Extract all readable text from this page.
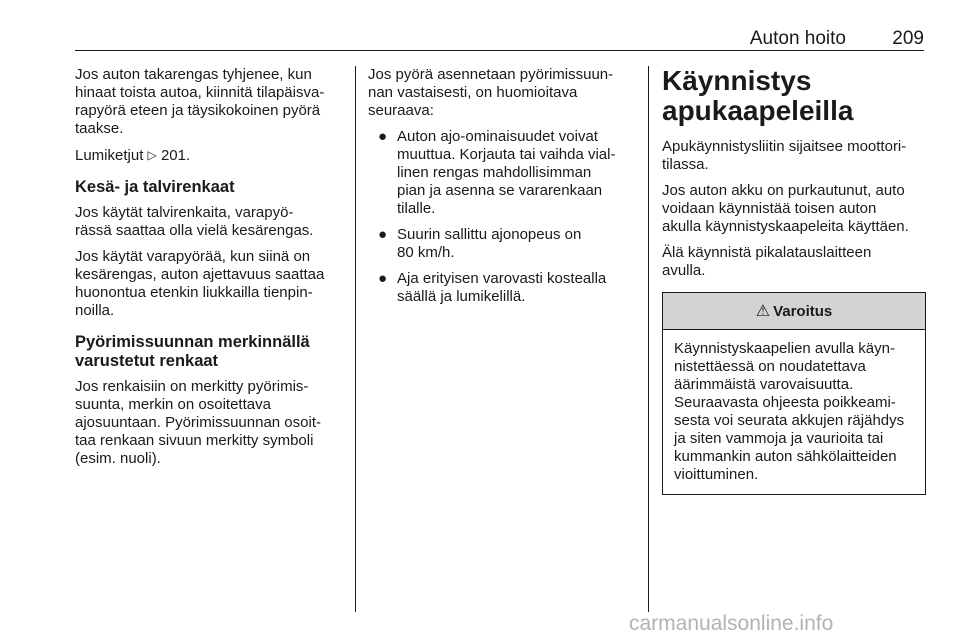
Auton hoito 209

Jos auton takarengas tyhjenee, kun
hinaat toista autoa, kiinnitä tilapäisva-
rapyörä eteen ja täysikokoinen pyörä
taakse.

Lumiketjut ▷ 201.

Kesä- ja talvirenkaat

Jos käytät talvirenkaita, varapyö-
rässä saattaa olla vielä kesärengas.

Jos käytät varapyörää, kun siinä on
kesärengas, auton ajettavuus saattaa
huonontua etenkin liukkailla tienpin-
noilla.

Pyörimissuunnan merkinnällä
varustetut renkaat

Jos renkaisiin on merkitty pyörimis-
suunta, merkin on osoitettava
ajosuuntaan. Pyörimissuunnan osoit-
taa renkaan sivuun merkitty symboli
(esim. nuoli).

Jos pyörä asennetaan pyörimissuun-
nan vastaisesti, on huomioitava
seuraava:

● Auton ajo-ominaisuudet voivat
muuttua. Korjauta tai vaihda vial-
linen rengas mahdollisimman
pian ja asenna se vararenkaan
tilalle.
● Suurin sallittu ajonopeus on
80 km/h.
● Aja erityisen varovasti kostealla
säällä ja lumikelillä.
Käynnistys
apukaapeleilla

Apukäynnistysliitin sijaitsee moottori-
tilassa.

Jos auton akku on purkautunut, auto
voidaan käynnistää toisen auton
akulla käynnistyskaapeleita käyttäen.

Älä käynnistä pikalatauslaitteen
avulla.

⚠ Varoitus
Käynnistyskaapelien avulla käyn-
nistettäessä on noudatettava
äärimmäistä varovaisuutta.
Seuraavasta ohjeesta poikkeami-
sesta voi seurata akkujen räjähdys
ja siten vammoja ja vaurioita tai
kummankin auton sähkölaitteiden
vioittuminen.
carmanualsonline.info
